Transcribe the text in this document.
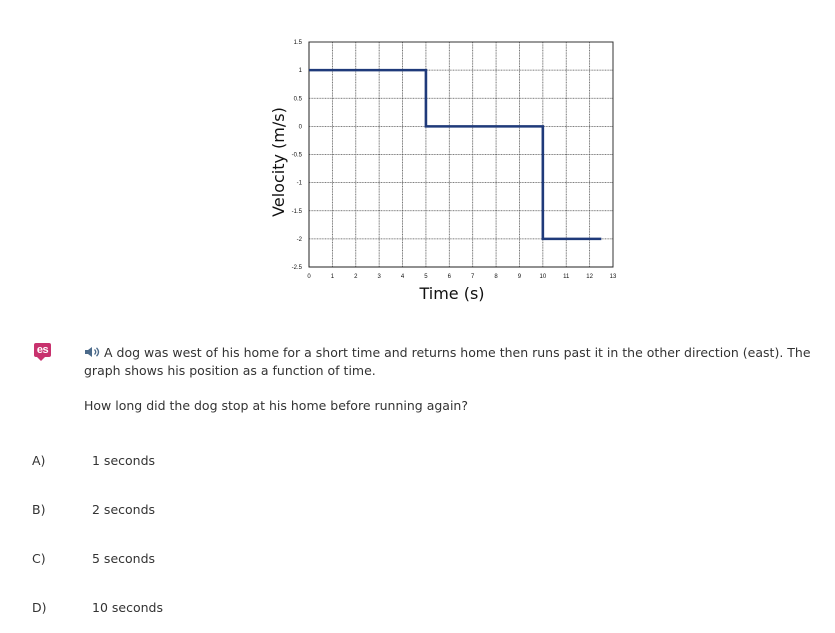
0	1	2	3	4	5	6	7	8	9	10	11	12	13
1.5
1
0.5
0
-0.5
-1
-1.5
-2
-2.5
Time (s)
Velocity (m/s)
es	A dog was west of his home for a short time and returns home then runs past it in the other direction (east). The graph shows his position as a function of time.
How long did the dog stop at his home before running again?
A)	1 seconds
B)	2 seconds
C)	5 seconds
D)	10 seconds
